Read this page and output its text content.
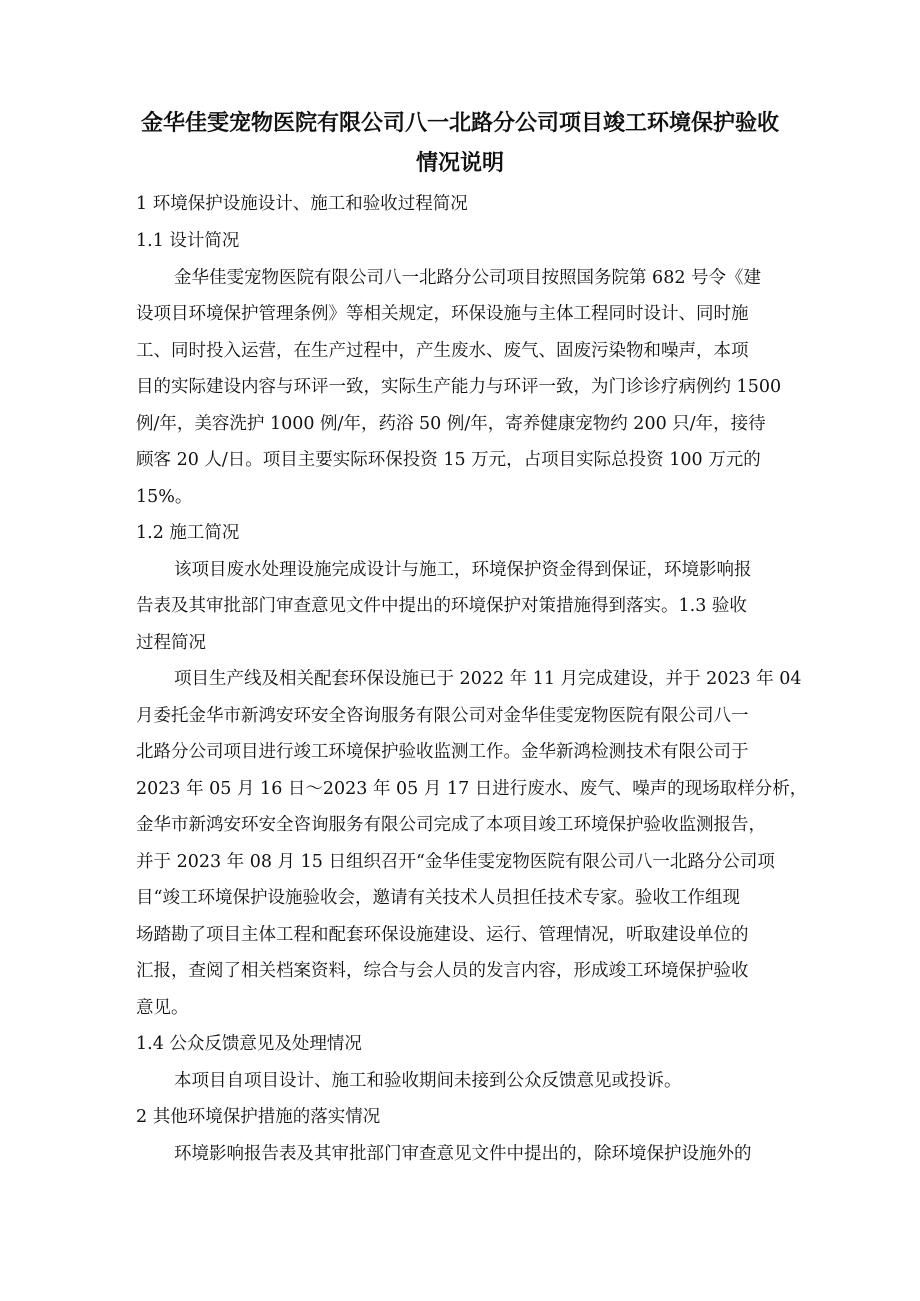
金华佳雯宠物医院有限公司八一北路分公司项目竣工环境保护验收
情况说明
1 环境保护设施设计、施工和验收过程简况
1.1 设计简况
金华佳雯宠物医院有限公司八一北路分公司项目按照国务院第 682 号令《建
设项目环境保护管理条例》等相关规定，环保设施与主体工程同时设计、同时施
工、同时投入运营，在生产过程中，产生废水、废气、固废污染物和噪声，本项
目的实际建设内容与环评一致，实际生产能力与环评一致，为门诊诊疗病例约 1500
例/年，美容洗护 1000 例/年，药浴 50 例/年，寄养健康宠物约 200 只/年，接待
顾客 20 人/日。项目主要实际环保投资 15 万元，占项目实际总投资 100 万元的
15%。
1.2 施工简况
该项目废水处理设施完成设计与施工，环境保护资金得到保证，环境影响报
告表及其审批部门审查意见文件中提出的环境保护对策措施得到落实。1.3 验收
过程简况
项目生产线及相关配套环保设施已于 2022 年 11 月完成建设，并于 2023 年 04
月委托金华市新鸿安环安全咨询服务有限公司对金华佳雯宠物医院有限公司八一
北路分公司项目进行竣工环境保护验收监测工作。金华新鸿检测技术有限公司于
2023 年 05 月 16 日～2023 年 05 月 17 日进行废水、废气、噪声的现场取样分析，
金华市新鸿安环安全咨询服务有限公司完成了本项目竣工环境保护验收监测报告，
并于 2023 年 08 月 15 日组织召开“金华佳雯宠物医院有限公司八一北路分公司项
目“竣工环境保护设施验收会，邀请有关技术人员担任技术专家。验收工作组现
场踏勘了项目主体工程和配套环保设施建设、运行、管理情况，听取建设单位的
汇报，查阅了相关档案资料，综合与会人员的发言内容，形成竣工环境保护验收
意见。
1.4 公众反馈意见及处理情况
本项目自项目设计、施工和验收期间未接到公众反馈意见或投诉。
2 其他环境保护措施的落实情况
环境影响报告表及其审批部门审查意见文件中提出的，除环境保护设施外的
